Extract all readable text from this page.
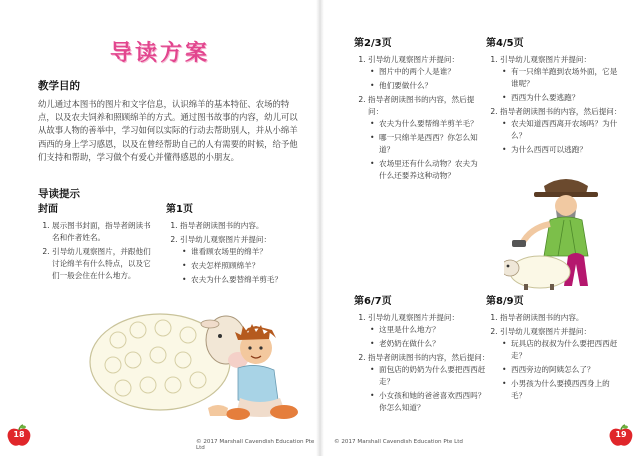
导读方案
教学目的
幼儿通过本图书的图片和文字信息，认识绵羊的基本特征、农场的特点，以及农夫饲养和照顾绵羊的方式。通过图书故事的内容，幼儿可以从故事人物的善举中，学习如何以实际的行动去帮助别人，并从小绵羊西西的身上学习感恩，以及在曾经帮助自己的人有需要的时候，给予他们支持和帮助，学习做个有爱心并懂得感恩的小朋友。
导读提示
封面
1. 展示图书封面，指导者朗读书名和作者姓名。
2. 引导幼儿观察图片，并跟他们讨论绵羊有什么特点，以及它们一般会住在什么地方。
第1页
1. 指导者朗读图书的内容。
2. 引导幼儿观察图片并提问：
• 谁看顾农场里的绵羊？
• 农夫怎样照顾绵羊？
• 农夫为什么要替绵羊剪毛？
18
© 2017 Marshall Cavendish Education Pte Ltd
第2/3页
1. 引导幼儿观察图片并提问：
• 图片中的两个人是谁？
• 他们要做什么？
2. 指导者朗读图书的内容，然后提问：
• 农夫为什么要帮绵羊剪羊毛？
• 哪一只绵羊是西西？你怎么知道？
• 农场里还有什么动物？农夫为什么还要养这种动物？
第4/5页
1. 引导幼儿观察图片并提问：
• 有一只绵羊跑到农场外面，它是谁呢？
• 西西为什么要逃跑？
2. 指导者朗读图书的内容，然后提问：
• 农夫知道西西离开农场吗？为什么？
• 为什么西西可以逃跑？
第6/7页
1. 引导幼儿观察图片并提问：
• 这里是什么地方？
• 老奶奶在做什么？
2. 指导者朗读图书的内容，然后提问：
• 面包店的奶奶为什么要把西西赶走？
• 小女孩和她的爸爸喜欢西西吗？你怎么知道？
第8/9页
1. 指导者朗读图书的内容。
2. 引导幼儿观察图片并提问：
• 玩具店的叔叔为什么要把西西赶走？
• 西西旁边的阿姨怎么了？
• 小男孩为什么要摸西西身上的毛？
© 2017 Marshall Cavendish Education Pte Ltd
19
